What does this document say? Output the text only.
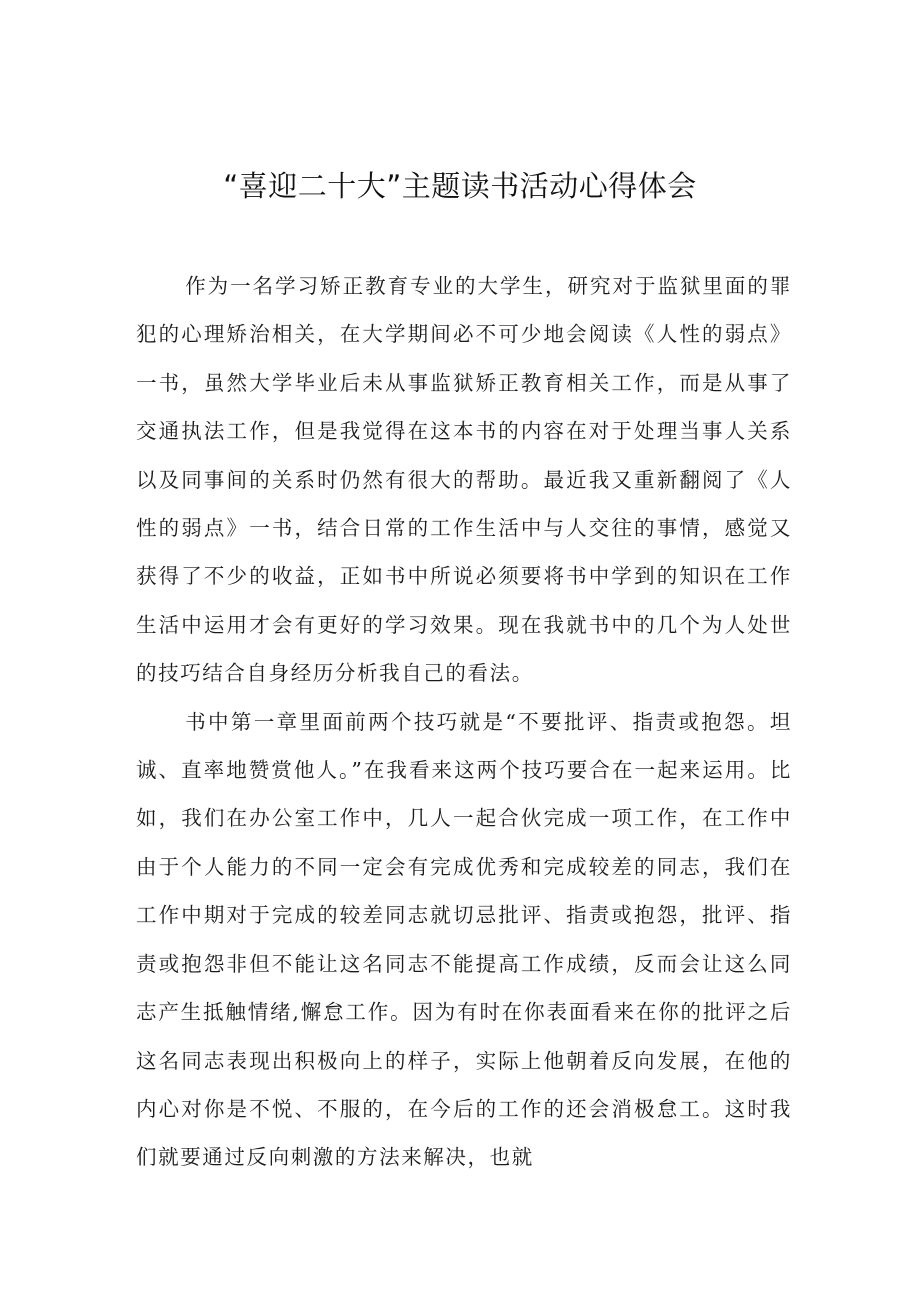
“喜迎二十大”主题读书活动心得体会

作为一名学习矫正教育专业的大学生，研究对于监狱里面的罪犯的心理矫治相关，在大学期间必不可少地会阅读《人性的弱点》一书，虽然大学毕业后未从事监狱矫正教育相关工作，而是从事了交通执法工作，但是我觉得在这本书的内容在对于处理当事人关系以及同事间的关系时仍然有很大的帮助。最近我又重新翻阅了《人性的弱点》一书，结合日常的工作生活中与人交往的事情，感觉又获得了不少的收益，正如书中所说必须要将书中学到的知识在工作生活中运用才会有更好的学习效果。现在我就书中的几个为人处世的技巧结合自身经历分析我自己的看法。

书中第一章里面前两个技巧就是“不要批评、指责或抱怨。坦诚、直率地赞赏他人。”在我看来这两个技巧要合在一起来运用。比如，我们在办公室工作中，几人一起合伙完成一项工作，在工作中由于个人能力的不同一定会有完成优秀和完成较差的同志，我们在工作中期对于完成的较差同志就切忌批评、指责或抱怨，批评、指责或抱怨非但不能让这名同志不能提高工作成绩，反而会让这么同志产生抵触情绪,懈怠工作。因为有时在你表面看来在你的批评之后这名同志表现出积极向上的样子，实际上他朝着反向发展，在他的内心对你是不悦、不服的，在今后的工作的还会消极怠工。这时我们就要通过反向刺激的方法来解决，也就
